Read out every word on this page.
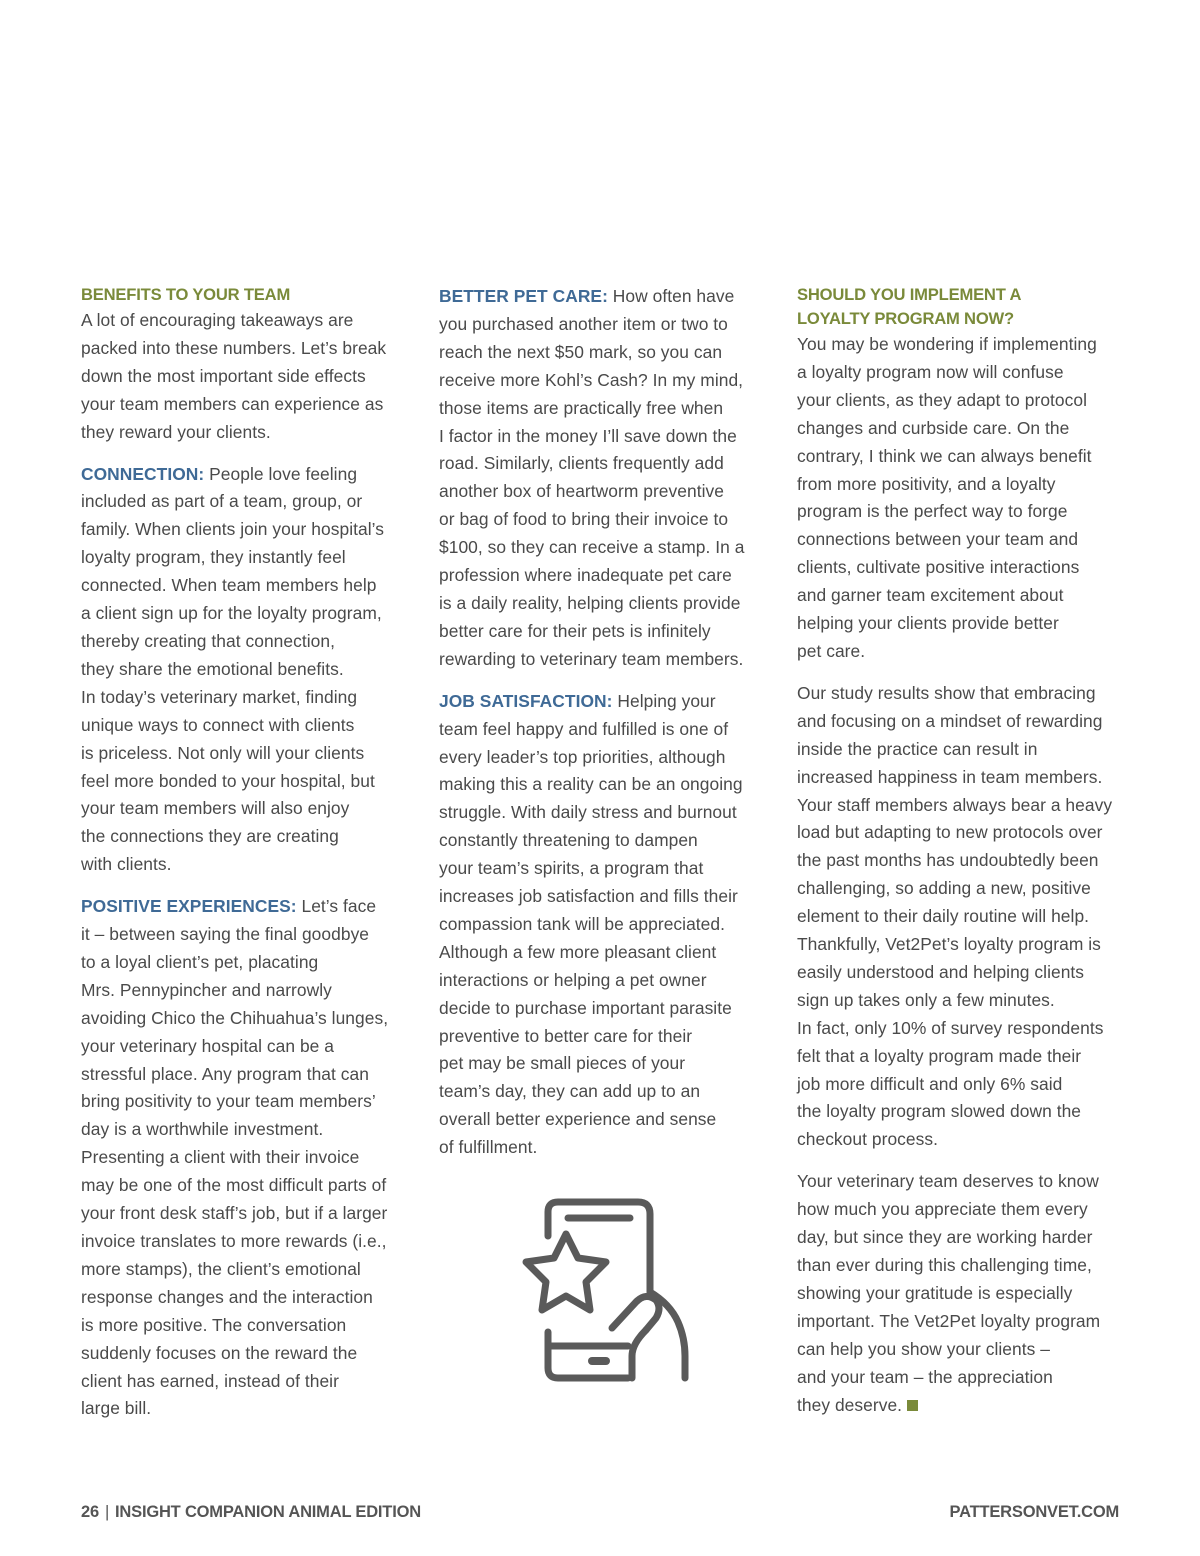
BENEFITS TO YOUR TEAM

A lot of encouraging takeaways are
packed into these numbers. Let’s break
down the most important side effects
your team members can experience as
they reward your clients.

CONNECTION: People love feeling
included as part of a team, group, or
family. When clients join your hospital’s
loyalty program, they instantly feel
connected. When team members help
a client sign up for the loyalty program,
thereby creating that connection,
they share the emotional benefits.
In today’s veterinary market, finding
unique ways to connect with clients
is priceless. Not only will your clients
feel more bonded to your hospital, but
your team members will also enjoy
the connections they are creating
with clients.

POSITIVE EXPERIENCES: Let’s face
it – between saying the final goodbye
to a loyal client’s pet, placating
Mrs. Pennypincher and narrowly
avoiding Chico the Chihuahua’s lunges,
your veterinary hospital can be a
stressful place. Any program that can
bring positivity to your team members’
day is a worthwhile investment.
Presenting a client with their invoice
may be one of the most difficult parts of
your front desk staff’s job, but if a larger
invoice translates to more rewards (i.e.,
more stamps), the client’s emotional
response changes and the interaction
is more positive. The conversation
suddenly focuses on the reward the
client has earned, instead of their
large bill.

BETTER PET CARE: How often have
you purchased another item or two to
reach the next $50 mark, so you can
receive more Kohl’s Cash? In my mind,
those items are practically free when
I factor in the money I’ll save down the
road. Similarly, clients frequently add
another box of heartworm preventive
or bag of food to bring their invoice to
$100, so they can receive a stamp. In a
profession where inadequate pet care
is a daily reality, helping clients provide
better care for their pets is infinitely
rewarding to veterinary team members.

JOB SATISFACTION: Helping your
team feel happy and fulfilled is one of
every leader’s top priorities, although
making this a reality can be an ongoing
struggle. With daily stress and burnout
constantly threatening to dampen
your team’s spirits, a program that
increases job satisfaction and fills their
compassion tank will be appreciated.
Although a few more pleasant client
interactions or helping a pet owner
decide to purchase important parasite
preventive to better care for their
pet may be small pieces of your
team’s day, they can add up to an
overall better experience and sense
of fulfillment.

SHOULD YOU IMPLEMENT A
LOYALTY PROGRAM NOW?

You may be wondering if implementing
a loyalty program now will confuse
your clients, as they adapt to protocol
changes and curbside care. On the
contrary, I think we can always benefit
from more positivity, and a loyalty
program is the perfect way to forge
connections between your team and
clients, cultivate positive interactions
and garner team excitement about
helping your clients provide better
pet care.

Our study results show that embracing
and focusing on a mindset of rewarding
inside the practice can result in
increased happiness in team members.
Your staff members always bear a heavy
load but adapting to new protocols over
the past months has undoubtedly been
challenging, so adding a new, positive
element to their daily routine will help.
Thankfully, Vet2Pet’s loyalty program is
easily understood and helping clients
sign up takes only a few minutes.
In fact, only 10% of survey respondents
felt that a loyalty program made their
job more difficult and only 6% said
the loyalty program slowed down the
checkout process.

Your veterinary team deserves to know
how much you appreciate them every
day, but since they are working harder
than ever during this challenging time,
showing your gratitude is especially
important. The Vet2Pet loyalty program
can help you show your clients –
and your team – the appreciation
they deserve.

26 | INSIGHT COMPANION ANIMAL EDITION	PATTERSONVET.COM
